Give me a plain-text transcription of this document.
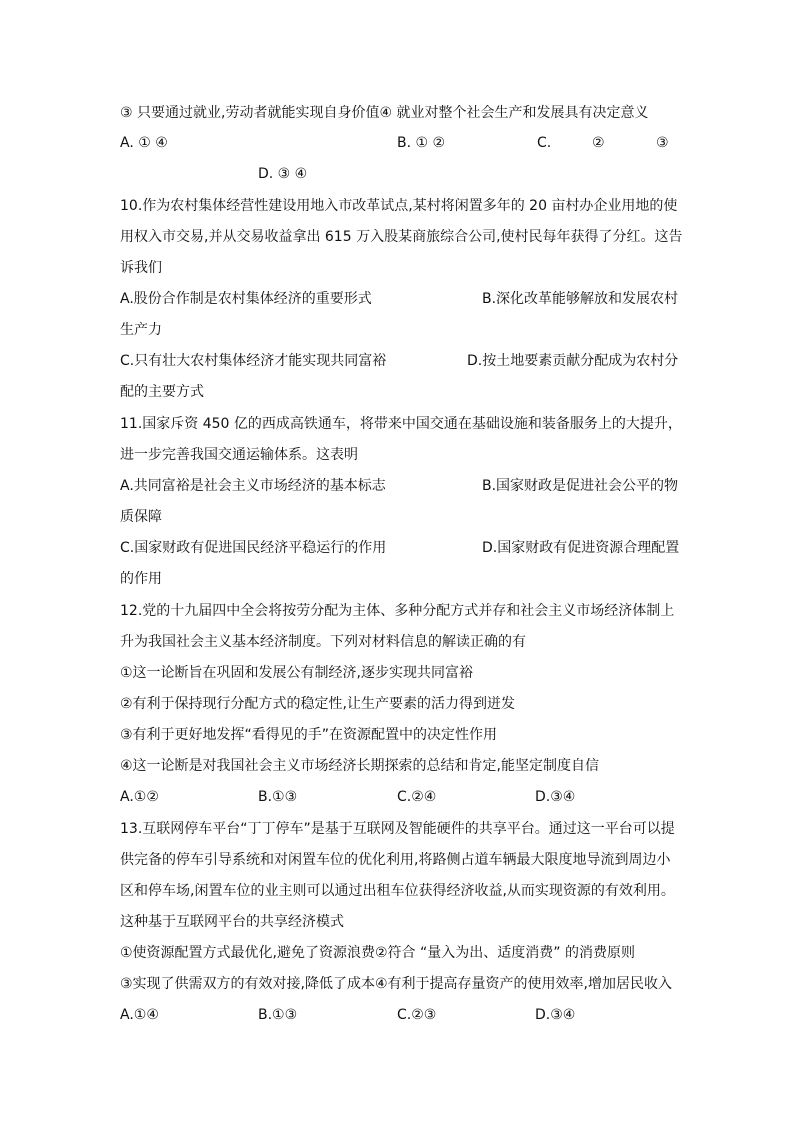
③ 只要通过就业,劳动者就能实现自身价值④ 就业对整个社会生产和发展具有决定意义
A. ① ④	B. ① ②	C.	②	③
D. ③ ④
10.作为农村集体经营性建设用地入市改革试点,某村将闲置多年的 20 亩村办企业用地的使
用权入市交易,并从交易收益拿出 615 万入股某商旅综合公司,使村民每年获得了分红。这告
诉我们
A.股份合作制是农村集体经济的重要形式	B.深化改革能够解放和发展农村
生产力
C.只有壮大农村集体经济才能实现共同富裕	D.按土地要素贡献分配成为农村分
配的主要方式
11.国家斥资 450 亿的西成高铁通车，将带来中国交通在基础设施和装备服务上的大提升，
进一步完善我国交通运输体系。这表明
A.共同富裕是社会主义市场经济的基本标志	B.国家财政是促进社会公平的物
质保障
C.国家财政有促进国民经济平稳运行的作用	D.国家财政有促进资源合理配置
的作用
12.党的十九届四中全会将按劳分配为主体、多种分配方式并存和社会主义市场经济体制上
升为我国社会主义基本经济制度。下列对材料信息的解读正确的有
①这一论断旨在巩固和发展公有制经济,逐步实现共同富裕
②有利于保持现行分配方式的稳定性,让生产要素的活力得到迸发
③有利于更好地发挥“看得见的手”在资源配置中的决定性作用
④这一论断是对我国社会主义市场经济长期探索的总结和肯定,能坚定制度自信
A.①②	B.①③	C.②④	D.③④
13.互联网停车平台“丁丁停车”是基于互联网及智能硬件的共享平台。通过这一平台可以提
供完备的停车引导系统和对闲置车位的优化利用,将路侧占道车辆最大限度地导流到周边小
区和停车场,闲置车位的业主则可以通过出租车位获得经济收益,从而实现资源的有效利用。
这种基于互联网平台的共享经济模式
①使资源配置方式最优化,避免了资源浪费②符合 “量入为出、适度消费” 的消费原则
③实现了供需双方的有效对接,降低了成本④有利于提高存量资产的使用效率,增加居民收入
A.①④	B.①③	C.②③	D.③④
